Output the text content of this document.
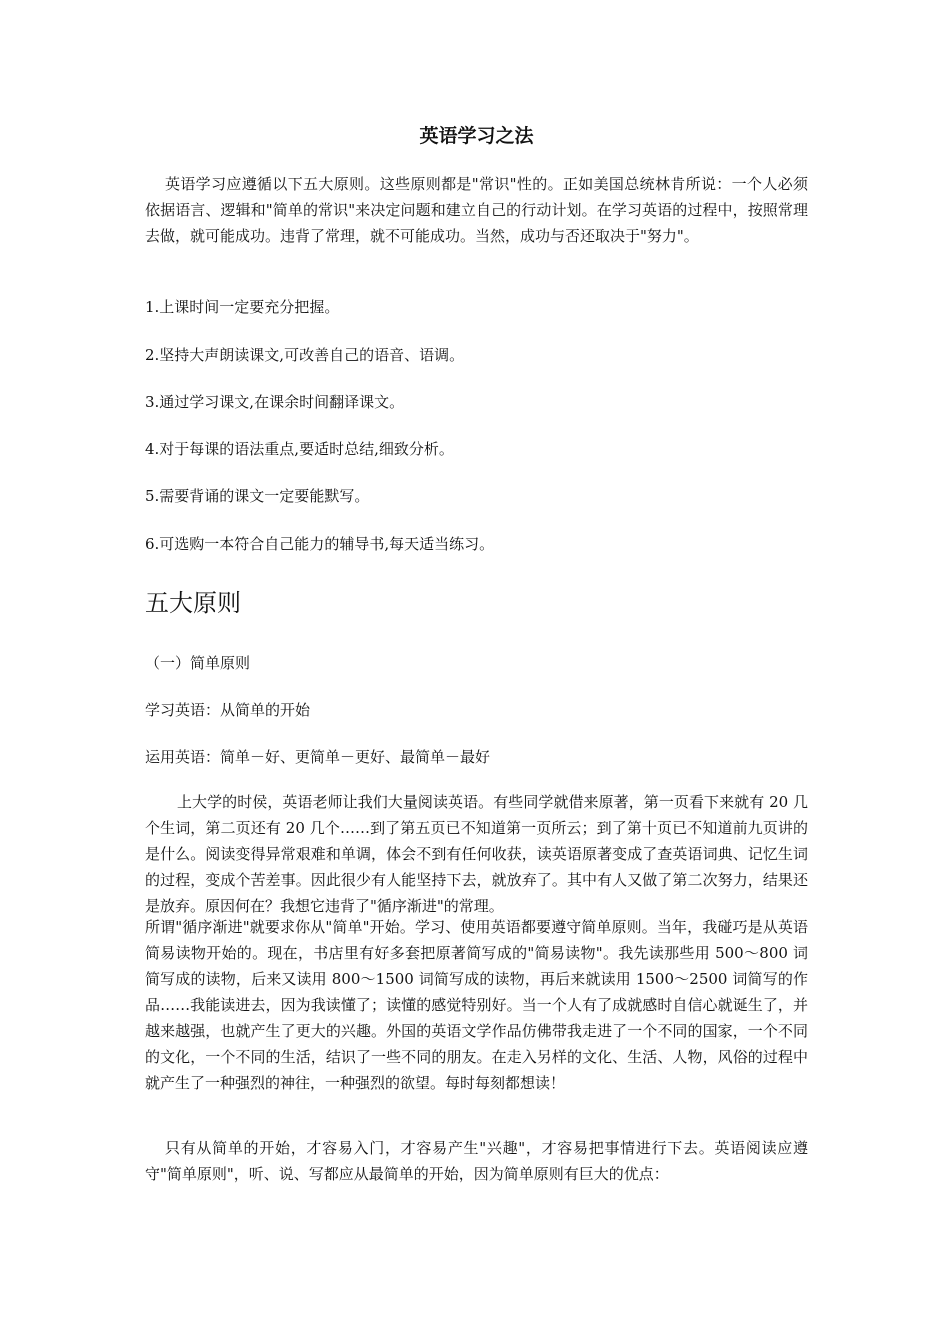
英语学习之法

英语学习应遵循以下五大原则。这些原则都是"常识"性的。正如美国总统林肯所说：一个人必须依据语言、逻辑和"简单的常识"来决定问题和建立自己的行动计划。在学习英语的过程中，按照常理去做，就可能成功。违背了常理，就不可能成功。当然，成功与否还取决于"努力"。

1.上课时间一定要充分把握。

2.坚持大声朗读课文,可改善自己的语音、语调。

3.通过学习课文,在课余时间翻译课文。

4.对于每课的语法重点,要适时总结,细致分析。

5.需要背诵的课文一定要能默写。

6.可选购一本符合自己能力的辅导书,每天适当练习。

五大原则

（一）简单原则

学习英语：从简单的开始

运用英语：简单－好、更简单－更好、最简单－最好

上大学的时侯，英语老师让我们大量阅读英语。有些同学就借来原著，第一页看下来就有 20 几个生词，第二页还有 20 几个……到了第五页已不知道第一页所云；到了第十页已不知道前九页讲的是什么。阅读变得异常艰难和单调，体会不到有任何收获，读英语原著变成了查英语词典、记忆生词的过程，变成个苦差事。因此很少有人能坚持下去，就放弃了。其中有人又做了第二次努力，结果还是放弃。原因何在？我想它违背了"循序渐进"的常理。

所谓"循序渐进"就要求你从"简单"开始。学习、使用英语都要遵守简单原则。当年，我碰巧是从英语简易读物开始的。现在，书店里有好多套把原著简写成的"简易读物"。我先读那些用 500～800 词简写成的读物，后来又读用 800～1500 词简写成的读物，再后来就读用 1500～2500 词简写的作品……我能读进去，因为我读懂了；读懂的感觉特别好。当一个人有了成就感时自信心就诞生了，并越来越强，也就产生了更大的兴趣。外国的英语文学作品仿佛带我走进了一个不同的国家，一个不同的文化，一个不同的生活，结识了一些不同的朋友。在走入另样的文化、生活、人物，风俗的过程中就产生了一种强烈的神往，一种强烈的欲望。每时每刻都想读！

只有从简单的开始，才容易入门，才容易产生"兴趣"，才容易把事情进行下去。英语阅读应遵守"简单原则"，听、说、写都应从最简单的开始，因为简单原则有巨大的优点：
